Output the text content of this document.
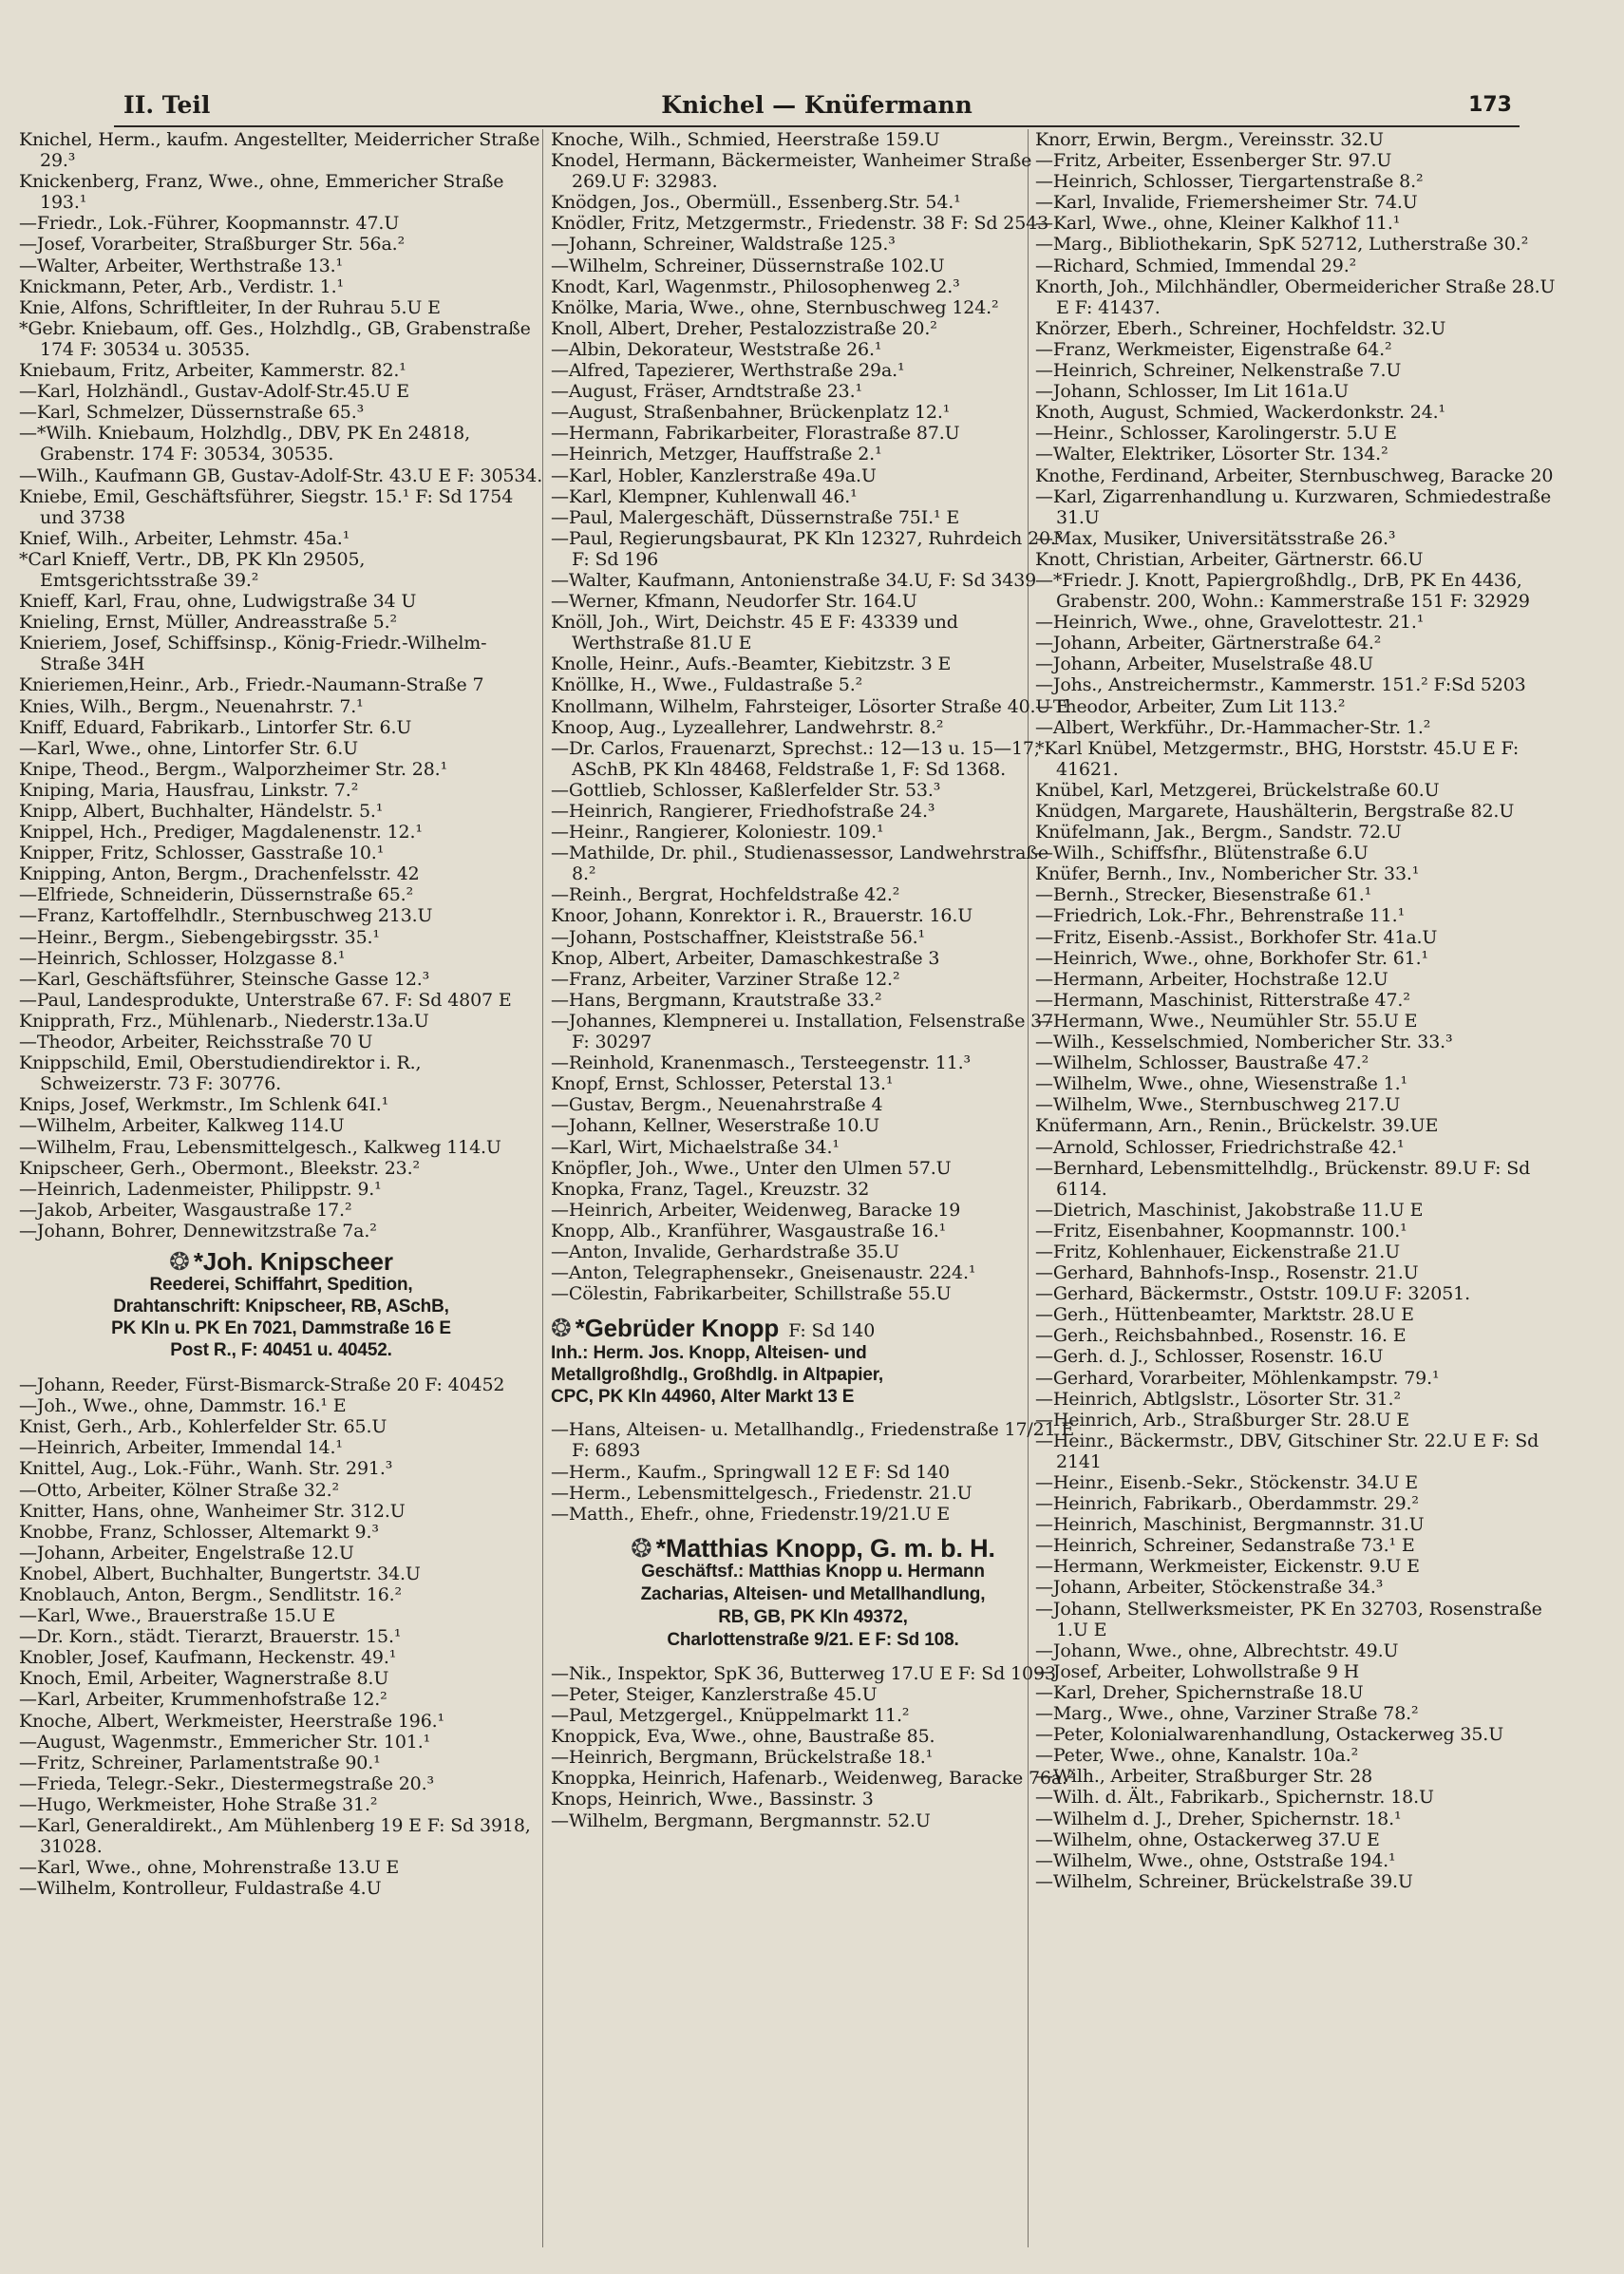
II. Teil	Knichel — Knüfermann	173

Knichel, Herm., kaufm. Angestellter, Meiderricher Straße 29.³

Knickenberg, Franz, Wwe., ohne, Emmericher Straße 193.¹

—Friedr., Lok.-Führer, Koopmannstr. 47.U

—Josef, Vorarbeiter, Straßburger Str. 56a.²

—Walter, Arbeiter, Werthstraße 13.¹

Knickmann, Peter, Arb., Verdistr. 1.¹

Knie, Alfons, Schriftleiter, In der Ruhrau 5.U E

*Gebr. Kniebaum, off. Ges., Holzhdlg., GB, Grabenstraße 174 F: 30534 u. 30535.

Kniebaum, Fritz, Arbeiter, Kammerstr. 82.¹

—Karl, Holzhändl., Gustav-Adolf-Str.45.U E

—Karl, Schmelzer, Düssernstraße 65.³

—*Wilh. Kniebaum, Holzhdlg., DBV, PK En 24818, Grabenstr. 174 F: 30534, 30535.

—Wilh., Kaufmann GB, Gustav-Adolf-Str. 43.U E F: 30534.

Kniebe, Emil, Geschäftsführer, Siegstr. 15.¹ F: Sd 1754 und 3738

Knief, Wilh., Arbeiter, Lehmstr. 45a.¹

*Carl Knieff, Vertr., DB, PK Kln 29505, Emtsgerichtsstraße 39.²

Knieff, Karl, Frau, ohne, Ludwigstraße 34 U

Knieling, Ernst, Müller, Andreasstraße 5.²

Knieriem, Josef, Schiffsinsp., König-Friedr.-Wilhelm-Straße 34H

Knieriemen,Heinr., Arb., Friedr.-Naumann-Straße 7

Knies, Wilh., Bergm., Neuenahrstr. 7.¹

Kniff, Eduard, Fabrikarb., Lintorfer Str. 6.U

—Karl, Wwe., ohne, Lintorfer Str. 6.U

Knipe, Theod., Bergm., Walporzheimer Str. 28.¹

Kniping, Maria, Hausfrau, Linkstr. 7.²

Knipp, Albert, Buchhalter, Händelstr. 5.¹

Knippel, Hch., Prediger, Magdalenenstr. 12.¹

Knipper, Fritz, Schlosser, Gasstraße 10.¹

Knipping, Anton, Bergm., Drachenfelsstr. 42

—Elfriede, Schneiderin, Düssernstraße 65.²

—Franz, Kartoffelhdlr., Sternbuschweg 213.U

—Heinr., Bergm., Siebengebirgsstr. 35.¹

—Heinrich, Schlosser, Holzgasse 8.¹

—Karl, Geschäftsführer, Steinsche Gasse 12.³

—Paul, Landesprodukte, Unterstraße 67. F: Sd 4807 E

Knipprath, Frz., Mühlenarb., Niederstr.13a.U

—Theodor, Arbeiter, Reichsstraße 70 U

Knippschild, Emil, Oberstudiendirektor i. R., Schweizerstr. 73 F: 30776.

Knips, Josef, Werkmstr., Im Schlenk 64I.¹

—Wilhelm, Arbeiter, Kalkweg 114.U

—Wilhelm, Frau, Lebensmittelgesch., Kalkweg 114.U

Knipscheer, Gerh., Obermont., Bleekstr. 23.²

—Heinrich, Ladenmeister, Philippstr. 9.¹

—Jakob, Arbeiter, Wasgaustraße 17.²

—Johann, Bohrer, Dennewitzstraße 7a.²

❂ *Joh. Knipscheer
Reederei, Schiffahrt, Spedition,
Drahtanschrift: Knipscheer, RB, ASchB,
PK Kln u. PK En 7021, Dammstraße 16 E
Post R., F: 40451 u. 40452.

—Johann, Reeder, Fürst-Bismarck-Straße 20 F: 40452

—Joh., Wwe., ohne, Dammstr. 16.¹ E

Knist, Gerh., Arb., Kohlerfelder Str. 65.U

—Heinrich, Arbeiter, Immendal 14.¹

Knittel, Aug., Lok.-Führ., Wanh. Str. 291.³

—Otto, Arbeiter, Kölner Straße 32.²

Knitter, Hans, ohne, Wanheimer Str. 312.U

Knobbe, Franz, Schlosser, Altemarkt 9.³

—Johann, Arbeiter, Engelstraße 12.U

Knobel, Albert, Buchhalter, Bungertstr. 34.U

Knoblauch, Anton, Bergm., Sendlitstr. 16.²

—Karl, Wwe., Brauerstraße 15.U E

—Dr. Korn., städt. Tierarzt, Brauerstr. 15.¹

Knobler, Josef, Kaufmann, Heckenstr. 49.¹

Knoch, Emil, Arbeiter, Wagnerstraße 8.U

—Karl, Arbeiter, Krummenhofstraße 12.²

Knoche, Albert, Werkmeister, Heerstraße 196.¹

—August, Wagenmstr., Emmericher Str. 101.¹

—Fritz, Schreiner, Parlamentstraße 90.¹

—Frieda, Telegr.-Sekr., Diestermegstraße 20.³

—Hugo, Werkmeister, Hohe Straße 31.²

—Karl, Generaldirekt., Am Mühlenberg 19 E F: Sd 3918, 31028.

—Karl, Wwe., ohne, Mohrenstraße 13.U E

—Wilhelm, Kontrolleur, Fuldastraße 4.U

Knoche, Wilh., Schmied, Heerstraße 159.U

Knodel, Hermann, Bäckermeister, Wanheimer Straße 269.U F: 32983.

Knödgen, Jos., Obermüll., Essenberg.Str. 54.¹

Knödler, Fritz, Metzgermstr., Friedenstr. 38 F: Sd 2543

—Johann, Schreiner, Waldstraße 125.³

—Wilhelm, Schreiner, Düssernstraße 102.U

Knodt, Karl, Wagenmstr., Philosophenweg 2.³

Knölke, Maria, Wwe., ohne, Sternbuschweg 124.²

Knoll, Albert, Dreher, Pestalozzistraße 20.²

—Albin, Dekorateur, Weststraße 26.¹

—Alfred, Tapezierer, Werthstraße 29a.¹

—August, Fräser, Arndtstraße 23.¹

—August, Straßenbahner, Brückenplatz 12.¹

—Hermann, Fabrikarbeiter, Florastraße 87.U

—Heinrich, Metzger, Hauffstraße 2.¹

—Karl, Hobler, Kanzlerstraße 49a.U

—Karl, Klempner, Kuhlenwall 46.¹

—Paul, Malergeschäft, Düssernstraße 75I.¹ E

—Paul, Regierungsbaurat, PK Kln 12327, Ruhrdeich 20.² F: Sd 196

—Walter, Kaufmann, Antonienstraße 34.U, F: Sd 3439

—Werner, Kfmann, Neudorfer Str. 164.U

Knöll, Joh., Wirt, Deichstr. 45 E F: 43339 und Werthstraße 81.U E

Knolle, Heinr., Aufs.-Beamter, Kiebitzstr. 3 E

Knöllke, H., Wwe., Fuldastraße 5.²

Knollmann, Wilhelm, Fahrsteiger, Lösorter Straße 40.U E

Knoop, Aug., Lyzeallehrer, Landwehrstr. 8.²

—Dr. Carlos, Frauenarzt, Sprechst.: 12—13 u. 15—17, ASchB, PK Kln 48468, Feldstraße 1, F: Sd 1368.

—Gottlieb, Schlosser, Kaßlerfelder Str. 53.³

—Heinrich, Rangierer, Friedhofstraße 24.³

—Heinr., Rangierer, Koloniestr. 109.¹

—Mathilde, Dr. phil., Studienassessor, Landwehrstraße 8.²

—Reinh., Bergrat, Hochfeldstraße 42.²

Knoor, Johann, Konrektor i. R., Brauerstr. 16.U

—Johann, Postschaffner, Kleiststraße 56.¹

Knop, Albert, Arbeiter, Damaschkestraße 3

—Franz, Arbeiter, Varziner Straße 12.²

—Hans, Bergmann, Krautstraße 33.²

—Johannes, Klempnerei u. Installation, Felsenstraße 37 F: 30297

—Reinhold, Kranenmasch., Tersteegenstr. 11.³

Knopf, Ernst, Schlosser, Peterstal 13.¹

—Gustav, Bergm., Neuenahrstraße 4

—Johann, Kellner, Weserstraße 10.U

—Karl, Wirt, Michaelstraße 34.¹

Knöpfler, Joh., Wwe., Unter den Ulmen 57.U

Knopka, Franz, Tagel., Kreuzstr. 32

—Heinrich, Arbeiter, Weidenweg, Baracke 19

Knopp, Alb., Kranführer, Wasgaustraße 16.¹

—Anton, Invalide, Gerhardstraße 35.U

—Anton, Telegraphensekr., Gneisenaustr. 224.¹

—Cölestin, Fabrikarbeiter, Schillstraße 55.U

❂ *Gebrüder Knopp F: Sd 140
Inh.: Herm. Jos. Knopp, Alteisen- und
Metallgroßhdlg., Großhdlg. in Altpapier,
CPC, PK Kln 44960, Alter Markt 13 E

—Hans, Alteisen- u. Metallhandlg., Friedenstraße 17/21 E F: 6893

—Herm., Kaufm., Springwall 12 E F: Sd 140

—Herm., Lebensmittelgesch., Friedenstr. 21.U

—Matth., Ehefr., ohne, Friedenstr.19/21.U E

❂ *Matthias Knopp, G. m. b. H.
Geschäftsf.: Matthias Knopp u. Hermann
Zacharias, Alteisen- und Metallhandlung,
RB, GB, PK Kln 49372,
Charlottenstraße 9/21. E F: Sd 108.

—Nik., Inspektor, SpK 36, Butterweg 17.U E F: Sd 1093

—Peter, Steiger, Kanzlerstraße 45.U

—Paul, Metzgergel., Knüppelmarkt 11.²

Knoppick, Eva, Wwe., ohne, Baustraße 85.

—Heinrich, Bergmann, Brückelstraße 18.¹

Knoppka, Heinrich, Hafenarb., Weidenweg, Baracke 76a.²

Knops, Heinrich, Wwe., Bassinstr. 3

—Wilhelm, Bergmann, Bergmannstr. 52.U

Knorr, Erwin, Bergm., Vereinsstr. 32.U

—Fritz, Arbeiter, Essenberger Str. 97.U

—Heinrich, Schlosser, Tiergartenstraße 8.²

—Karl, Invalide, Friemersheimer Str. 74.U

—Karl, Wwe., ohne, Kleiner Kalkhof 11.¹

—Marg., Bibliothekarin, SpK 52712, Lutherstraße 30.²

—Richard, Schmied, Immendal 29.²

Knorth, Joh., Milchhändler, Obermeidericher Straße 28.U E F: 41437.

Knörzer, Eberh., Schreiner, Hochfeldstr. 32.U

—Franz, Werkmeister, Eigenstraße 64.²

—Heinrich, Schreiner, Nelkenstraße 7.U

—Johann, Schlosser, Im Lit 161a.U

Knoth, August, Schmied, Wackerdonkstr. 24.¹

—Heinr., Schlosser, Karolingerstr. 5.U E

—Walter, Elektriker, Lösorter Str. 134.²

Knothe, Ferdinand, Arbeiter, Sternbuschweg, Baracke 20

—Karl, Zigarrenhandlung u. Kurzwaren, Schmiedestraße 31.U

—Max, Musiker, Universitätsstraße 26.³

Knott, Christian, Arbeiter, Gärtnerstr. 66.U

—*Friedr. J. Knott, Papiergroßhdlg., DrB, PK En 4436, Grabenstr. 200, Wohn.: Kammerstraße 151 F: 32929

—Heinrich, Wwe., ohne, Gravelottestr. 21.¹

—Johann, Arbeiter, Gärtnerstraße 64.²

—Johann, Arbeiter, Muselstraße 48.U

—Johs., Anstreichermstr., Kammerstr. 151.² F:Sd 5203

—Theodor, Arbeiter, Zum Lit 113.²

—Albert, Werkführ., Dr.-Hammacher-Str. 1.²

*Karl Knübel, Metzgermstr., BHG, Horststr. 45.U E F: 41621.

Knübel, Karl, Metzgerei, Brückelstraße 60.U

Knüdgen, Margarete, Haushälterin, Bergstraße 82.U

Knüfelmann, Jak., Bergm., Sandstr. 72.U

—Wilh., Schiffsfhr., Blütenstraße 6.U

Knüfer, Bernh., Inv., Nombericher Str. 33.¹

—Bernh., Strecker, Biesenstraße 61.¹

—Friedrich, Lok.-Fhr., Behrenstraße 11.¹

—Fritz, Eisenb.-Assist., Borkhofer Str. 41a.U

—Heinrich, Wwe., ohne, Borkhofer Str. 61.¹

—Hermann, Arbeiter, Hochstraße 12.U

—Hermann, Maschinist, Ritterstraße 47.²

—Hermann, Wwe., Neumühler Str. 55.U E

—Wilh., Kesselschmied, Nombericher Str. 33.³

—Wilhelm, Schlosser, Baustraße 47.²

—Wilhelm, Wwe., ohne, Wiesenstraße 1.¹

—Wilhelm, Wwe., Sternbuschweg 217.U

Knüfermann, Arn., Renin., Brückelstr. 39.UE

—Arnold, Schlosser, Friedrichstraße 42.¹

—Bernhard, Lebensmittelhdlg., Brückenstr. 89.U F: Sd 6114.

—Dietrich, Maschinist, Jakobstraße 11.U E

—Fritz, Eisenbahner, Koopmannstr. 100.¹

—Fritz, Kohlenhauer, Eickenstraße 21.U

—Gerhard, Bahnhofs-Insp., Rosenstr. 21.U

—Gerhard, Bäckermstr., Oststr. 109.U F: 32051.

—Gerh., Hüttenbeamter, Marktstr. 28.U E

—Gerh., Reichsbahnbed., Rosenstr. 16. E

—Gerh. d. J., Schlosser, Rosenstr. 16.U

—Gerhard, Vorarbeiter, Möhlenkampstr. 79.¹

—Heinrich, Abtlgslstr., Lösorter Str. 31.²

—Heinrich, Arb., Straßburger Str. 28.U E

—Heinr., Bäckermstr., DBV, Gitschiner Str. 22.U E F: Sd 2141

—Heinr., Eisenb.-Sekr., Stöckenstr. 34.U E

—Heinrich, Fabrikarb., Oberdammstr. 29.²

—Heinrich, Maschinist, Bergmannstr. 31.U

—Heinrich, Schreiner, Sedanstraße 73.¹ E

—Hermann, Werkmeister, Eickenstr. 9.U E

—Johann, Arbeiter, Stöckenstraße 34.³

—Johann, Stellwerksmeister, PK En 32703, Rosenstraße 1.U E

—Johann, Wwe., ohne, Albrechtstr. 49.U

—Josef, Arbeiter, Lohwollstraße 9 H

—Karl, Dreher, Spichernstraße 18.U

—Marg., Wwe., ohne, Varziner Straße 78.²

—Peter, Kolonialwarenhandlung, Ostackerweg 35.U

—Peter, Wwe., ohne, Kanalstr. 10a.²

—Wilh., Arbeiter, Straßburger Str. 28

—Wilh. d. Ält., Fabrikarb., Spichernstr. 18.U

—Wilhelm d. J., Dreher, Spichernstr. 18.¹

—Wilhelm, ohne, Ostackerweg 37.U E

—Wilhelm, Wwe., ohne, Oststraße 194.¹

—Wilhelm, Schreiner, Brückelstraße 39.U
